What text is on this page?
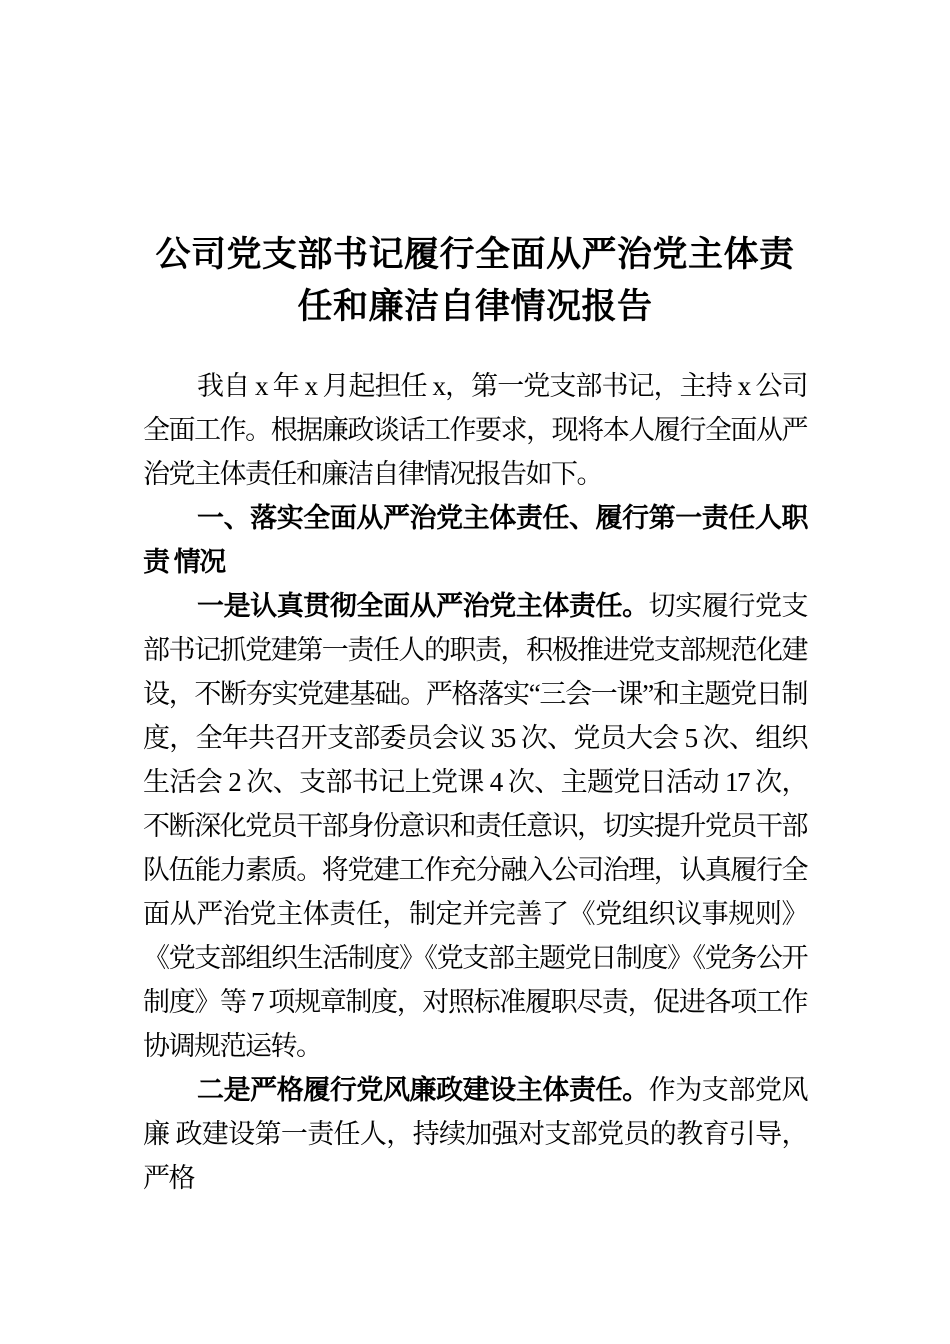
公司党支部书记履行全面从严治党主体责任和廉洁自律情况报告

我自 x 年 x 月起担任 x，第一党支部书记，主持 x 公司全面工作。根据廉政谈话工作要求，现将本人履行全面从严治党主体责任和廉洁自律情况报告如下。

一、落实全面从严治党主体责任、履行第一责任人职责 情况

一是认真贯彻全面从严治党主体责任。切实履行党支部书记抓党建第一责任人的职责，积极推进党支部规范化建设，不断夯实党建基础。严格落实“三会一课”和主题党日制度，全年共召开支部委员会议 35 次、党员大会 5 次、组织生活会 2 次、支部书记上党课 4 次、主题党日活动 17 次，不断深化党员干部身份意识和责任意识，切实提升党员干部队伍能力素质。将党建工作充分融入公司治理，认真履行全面从严治党主体责任，制定并完善了《党组织议事规则》《党支部组织生活制度》《党支部主题党日制度》《党务公开制度》等 7 项规章制度，对照标准履职尽责，促进各项工作协调规范运转。

二是严格履行党风廉政建设主体责任。作为支部党风廉 政建设第一责任人，持续加强对支部党员的教育引导，严格
